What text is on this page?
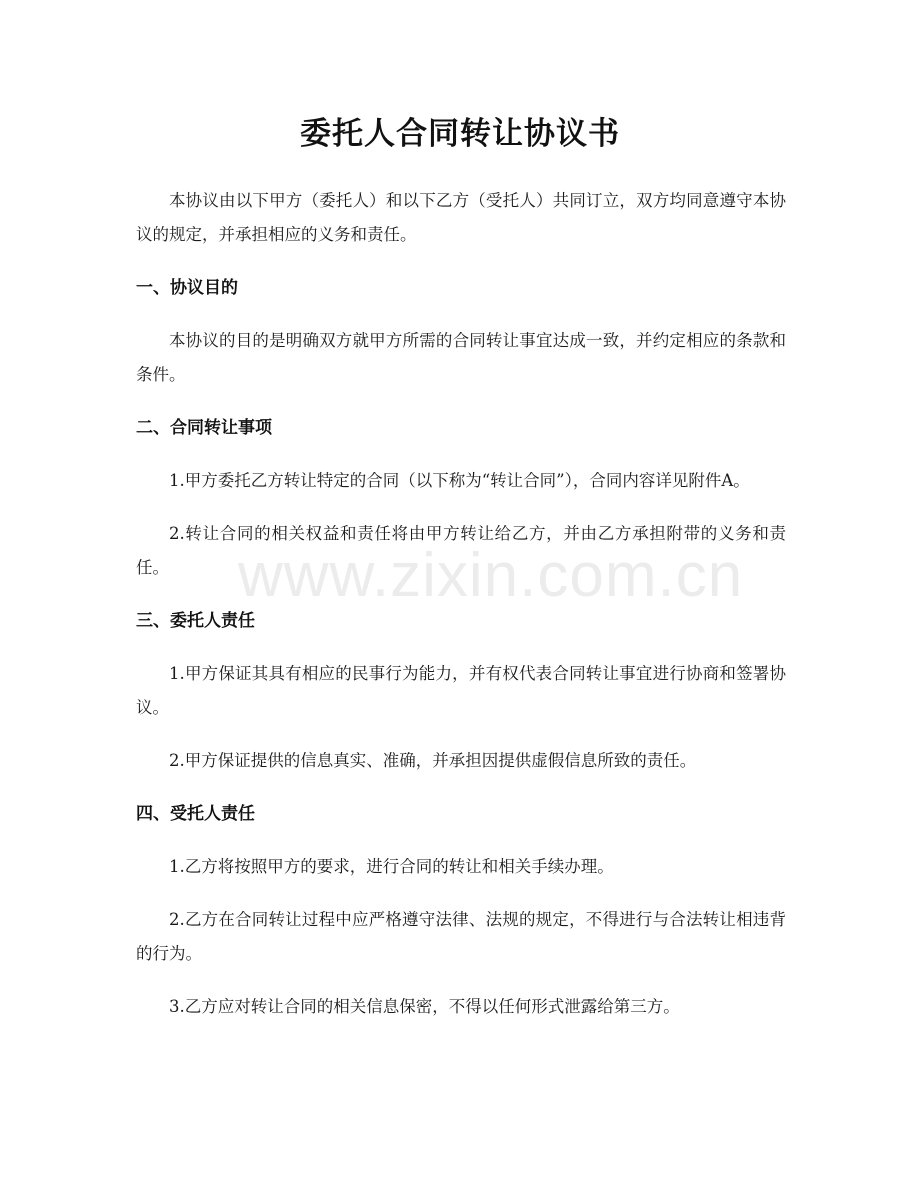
委托人合同转让协议书

本协议由以下甲方（委托人）和以下乙方（受托人）共同订立，双方均同意遵守本协议的规定，并承担相应的义务和责任。

一、协议目的

本协议的目的是明确双方就甲方所需的合同转让事宜达成一致，并约定相应的条款和条件。

二、合同转让事项

1.甲方委托乙方转让特定的合同（以下称为“转让合同”），合同内容详见附件A。

2.转让合同的相关权益和责任将由甲方转让给乙方，并由乙方承担附带的义务和责任。

三、委托人责任

1.甲方保证其具有相应的民事行为能力，并有权代表合同转让事宜进行协商和签署协议。

2.甲方保证提供的信息真实、准确，并承担因提供虚假信息所致的责任。

四、受托人责任

1.乙方将按照甲方的要求，进行合同的转让和相关手续办理。

2.乙方在合同转让过程中应严格遵守法律、法规的规定，不得进行与合法转让相违背的行为。

3.乙方应对转让合同的相关信息保密，不得以任何形式泄露给第三方。

www.zixin.com.cn
